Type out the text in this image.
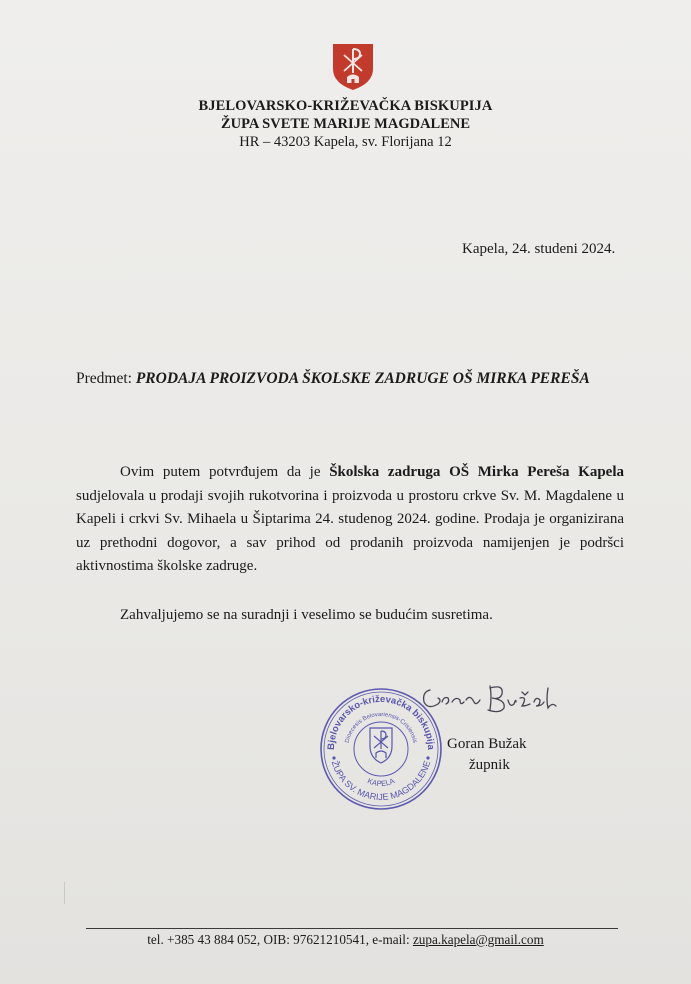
BJELOVARSKO-KRIŽEVAČKA BISKUPIJA
ŽUPA SVETE MARIJE MAGDALENE
HR – 43203 Kapela, sv. Florijana 12
Kapela, 24. studeni 2024.
Predmet: PRODAJA PROIZVODA ŠKOLSKE ZADRUGE OŠ MIRKA PEREŠA
Ovim putem potvrđujem da je Školska zadruga OŠ Mirka Pereša Kapela sudjelovala u prodaji svojih rukotvorina i proizvoda u prostoru crkve Sv. M. Magdalene u Kapeli i crkvi Sv. Mihaela u Šiptarima 24. studenog 2024. godine. Prodaja je organizirana uz prethodni dogovor, a sav prihod od prodanih proizvoda namijenjen je podršci aktivnostima školske zadruge.
Zahvaljujemo se na suradnji i veselimo se budućim susretima.
Bjelovarsko-križevačka biskupija
Dioecesis Belovariensis-Crisiensis
ŽUPA SV. MARIJE MAGDALENE
KAPELA
Goran Bužak
župnik
tel. +385 43 884 052, OIB: 97621210541, e-mail: zupa.kapela@gmail.com
